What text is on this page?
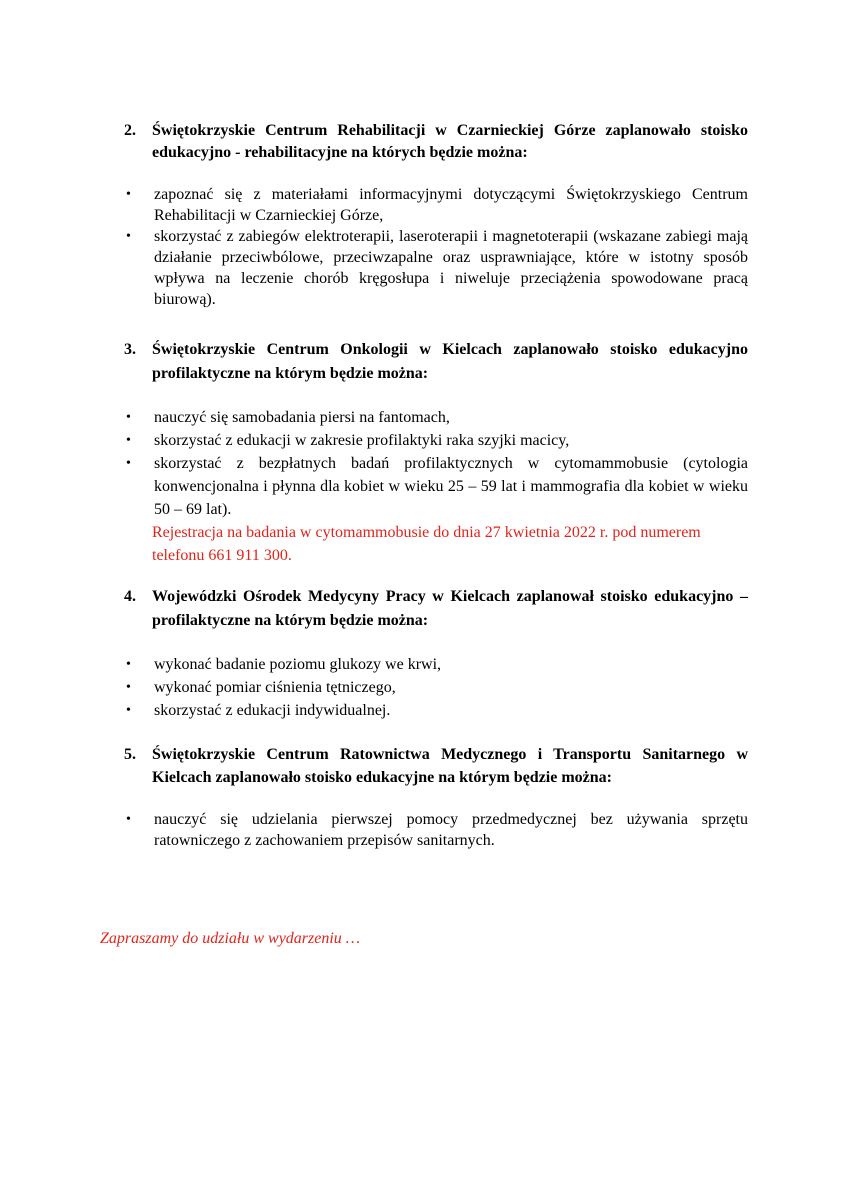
2.	Świętokrzyskie Centrum Rehabilitacji w Czarnieckiej Górze zaplanowało stoisko edukacyjno - rehabilitacyjne na których będzie można:
•	zapoznać się z materiałami informacyjnymi dotyczącymi Świętokrzyskiego Centrum Rehabilitacji w Czarnieckiej Górze,
•	skorzystać z zabiegów elektroterapii, laseroterapii i magnetoterapii (wskazane zabiegi mają działanie przeciwbólowe, przeciwzapalne oraz usprawniające, które w istotny sposób wpływa na leczenie chorób kręgosłupa i niweluje przeciążenia spowodowane pracą biurową).
3.	Świętokrzyskie Centrum Onkologii w Kielcach zaplanowało stoisko edukacyjno profilaktyczne na którym będzie można:
•	nauczyć się samobadania piersi na fantomach,
•	skorzystać z edukacji w zakresie profilaktyki raka szyjki macicy,
•	skorzystać z bezpłatnych badań profilaktycznych w cytomammobusie (cytologia konwencjonalna i płynna dla kobiet w wieku 25 – 59 lat i mammografia dla kobiet w wieku 50 – 69 lat).
Rejestracja na badania w cytomammobusie do dnia 27 kwietnia 2022 r. pod numerem telefonu 661 911 300.
4.	Wojewódzki Ośrodek Medycyny Pracy w Kielcach zaplanował stoisko edukacyjno – profilaktyczne na którym będzie można:
•	wykonać badanie poziomu glukozy we krwi,
•	wykonać pomiar ciśnienia tętniczego,
•	skorzystać z edukacji indywidualnej.
5.	Świętokrzyskie Centrum Ratownictwa Medycznego i Transportu Sanitarnego w Kielcach zaplanowało stoisko edukacyjne na którym będzie można:
•	nauczyć się udzielania pierwszej pomocy przedmedycznej bez używania sprzętu ratowniczego z zachowaniem przepisów sanitarnych.
Zapraszamy do udziału w wydarzeniu …
